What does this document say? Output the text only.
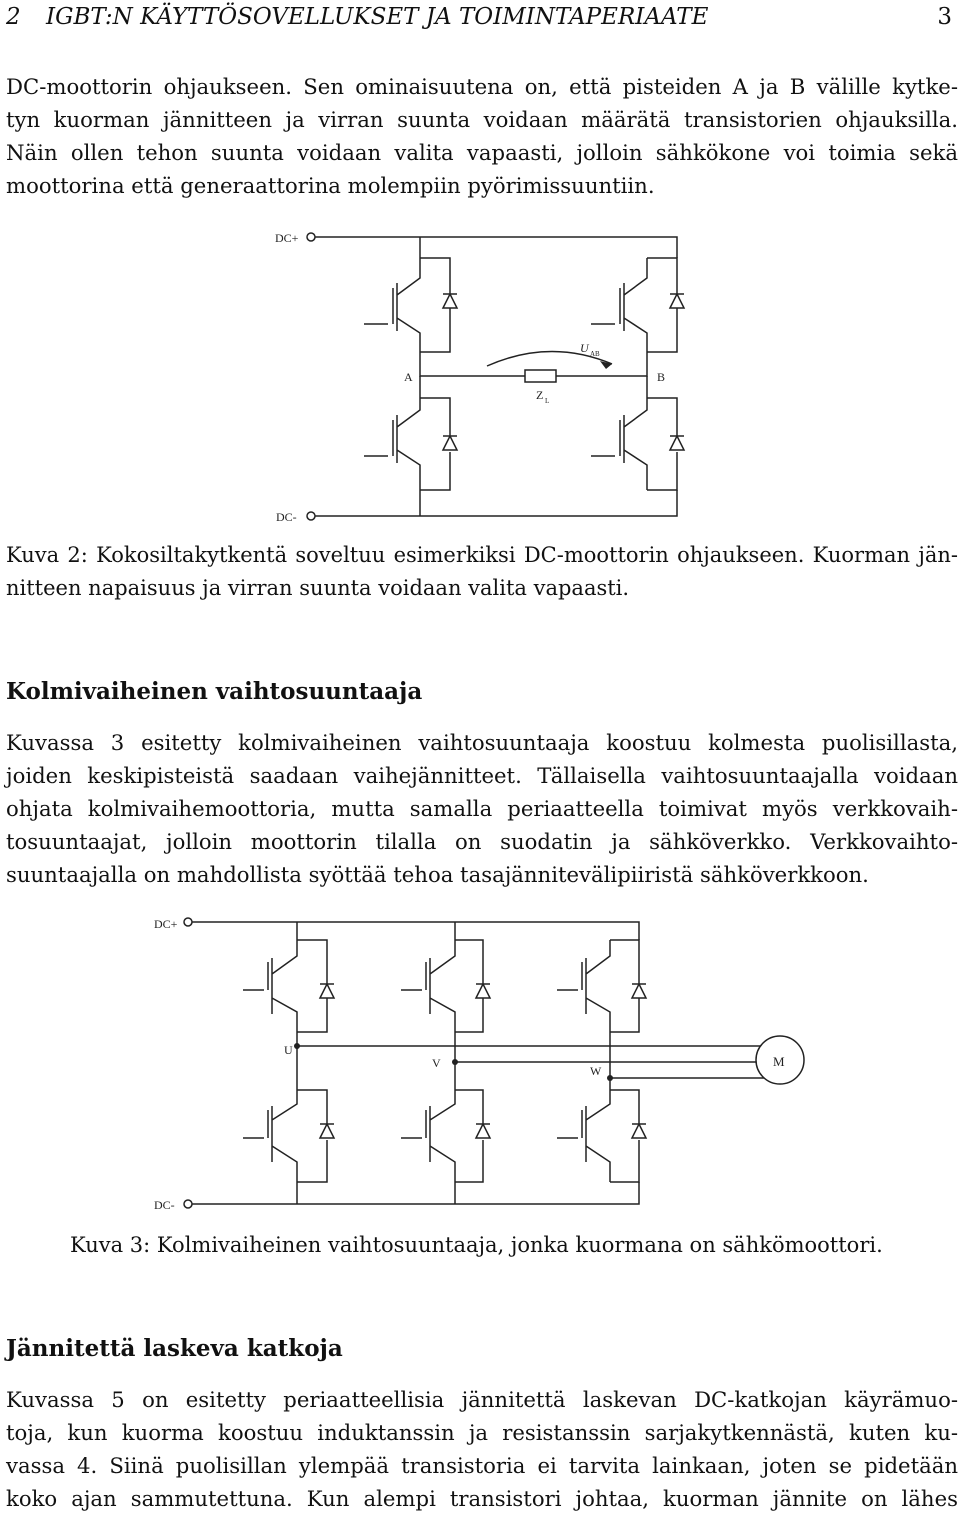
2 IGBT:N KÄYTTÖSOVELLUKSET JA TOIMINTAPERIAATE	3
DC-moottorin ohjaukseen. Sen ominaisuutena on, että pisteiden A ja B välille kytke-
tyn kuorman jännitteen ja virran suunta voidaan määrätä transistorien ohjauksilla.
Näin ollen tehon suunta voidaan valita vapaasti, jolloin sähkökone voi toimia sekä
moottorina että generaattorina molempiin pyörimissuuntiin.
DC+
A	B
U AB
Z L
DC-
Kuva 2: Kokosiltakytkentä soveltuu esimerkiksi DC-moottorin ohjaukseen. Kuorman jän-
nitteen napaisuus ja virran suunta voidaan valita vapaasti.
Kolmivaiheinen vaihtosuuntaaja
Kuvassa 3 esitetty kolmivaiheinen vaihtosuuntaaja koostuu kolmesta puolisillasta,
joiden keskipisteistä saadaan vaihejännitteet. Tällaisella vaihtosuuntaajalla voidaan
ohjata kolmivaihemoottoria, mutta samalla periaatteella toimivat myös verkkovaih-
tosuuntaajat, jolloin moottorin tilalla on suodatin ja sähköverkko. Verkkovaihto-
suuntaajalla on mahdollista syöttää tehoa tasajännitevälipiiristä sähköverkkoon.
DC+
U
V
W
M
DC-
Kuva 3: Kolmivaiheinen vaihtosuuntaaja, jonka kuormana on sähkömoottori.
Jännitettä laskeva katkoja
Kuvassa 5 on esitetty periaatteellisia jännitettä laskevan DC-katkojan käyrämuo-
toja, kun kuorma koostuu induktanssin ja resistanssin sarjakytkennästä, kuten ku-
vassa 4. Siinä puolisillan ylempää transistoria ei tarvita lainkaan, joten se pidetään
koko ajan sammutettuna. Kun alempi transistori johtaa, kuorman jännite on lähes
